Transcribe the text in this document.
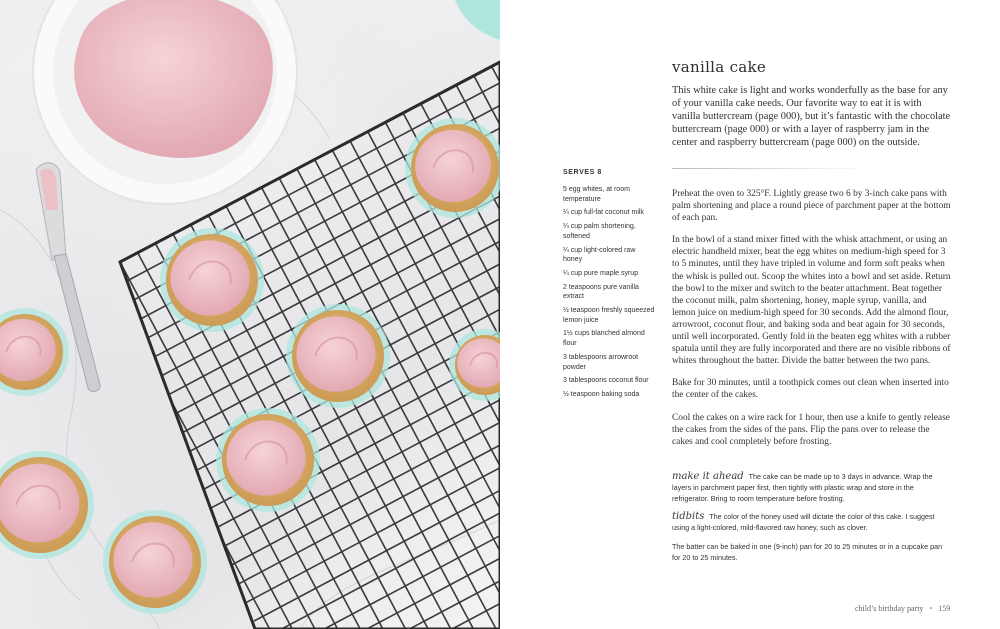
vanilla cake

This white cake is light and works wonderfully as the base for any of your vanilla cake needs. Our favorite way to eat it is with vanilla buttercream (page 000), but it’s fantastic with the chocolate buttercream (page 000) or with a layer of raspberry jam in the center and raspberry buttercream (page 000) on the outside.

SERVES 8
5 egg whites, at room temperature
¼ cup full-fat coconut milk
¼ cup palm shortening, softened
¼ cup light-colored raw honey
¼ cup pure maple syrup
2 teaspoons pure vanilla extract
½ teaspoon freshly squeezed lemon juice
1½ cups blanched almond flour
3 tablespoons arrowroot powder
3 tablespoons coconut flour
½ teaspoon baking soda

Preheat the oven to 325°F. Lightly grease two 6 by 3-inch cake pans with palm shortening and place a round piece of parchment paper at the bottom of each pan.

In the bowl of a stand mixer fitted with the whisk attachment, or using an electric handheld mixer, beat the egg whites on medium-high speed for 3 to 5 minutes, until they have tripled in volume and form soft peaks when the whisk is pulled out. Scoop the whites into a bowl and set aside. Return the bowl to the mixer and switch to the beater attachment. Beat together the coconut milk, palm shortening, honey, maple syrup, vanilla, and lemon juice on medium-high speed for 30 seconds. Add the almond flour, arrowroot, coconut flour, and baking soda and beat again for 30 seconds, until well incorporated. Gently fold in the beaten egg whites with a rubber spatula until they are fully incorporated and there are no visible ribbons of whites throughout the batter. Divide the batter between the two pans.

Bake for 30 minutes, until a toothpick comes out clean when inserted into the center of the cakes.

Cool the cakes on a wire rack for 1 hour, then use a knife to gently release the cakes from the sides of the pans. Flip the pans over to release the cakes and cool completely before frosting.

make it ahead The cake can be made up to 3 days in advance. Wrap the layers in parchment paper first, then tightly with plastic wrap and store in the refrigerator. Bring to room temperature before frosting.

tidbits The color of the honey used will dictate the color of this cake. I suggest using a light-colored, mild-flavored raw honey, such as clover.

The batter can be baked in one (9-inch) pan for 20 to 25 minutes or in a cupcake pan for 20 to 25 minutes.

child’s birthday party • 159
